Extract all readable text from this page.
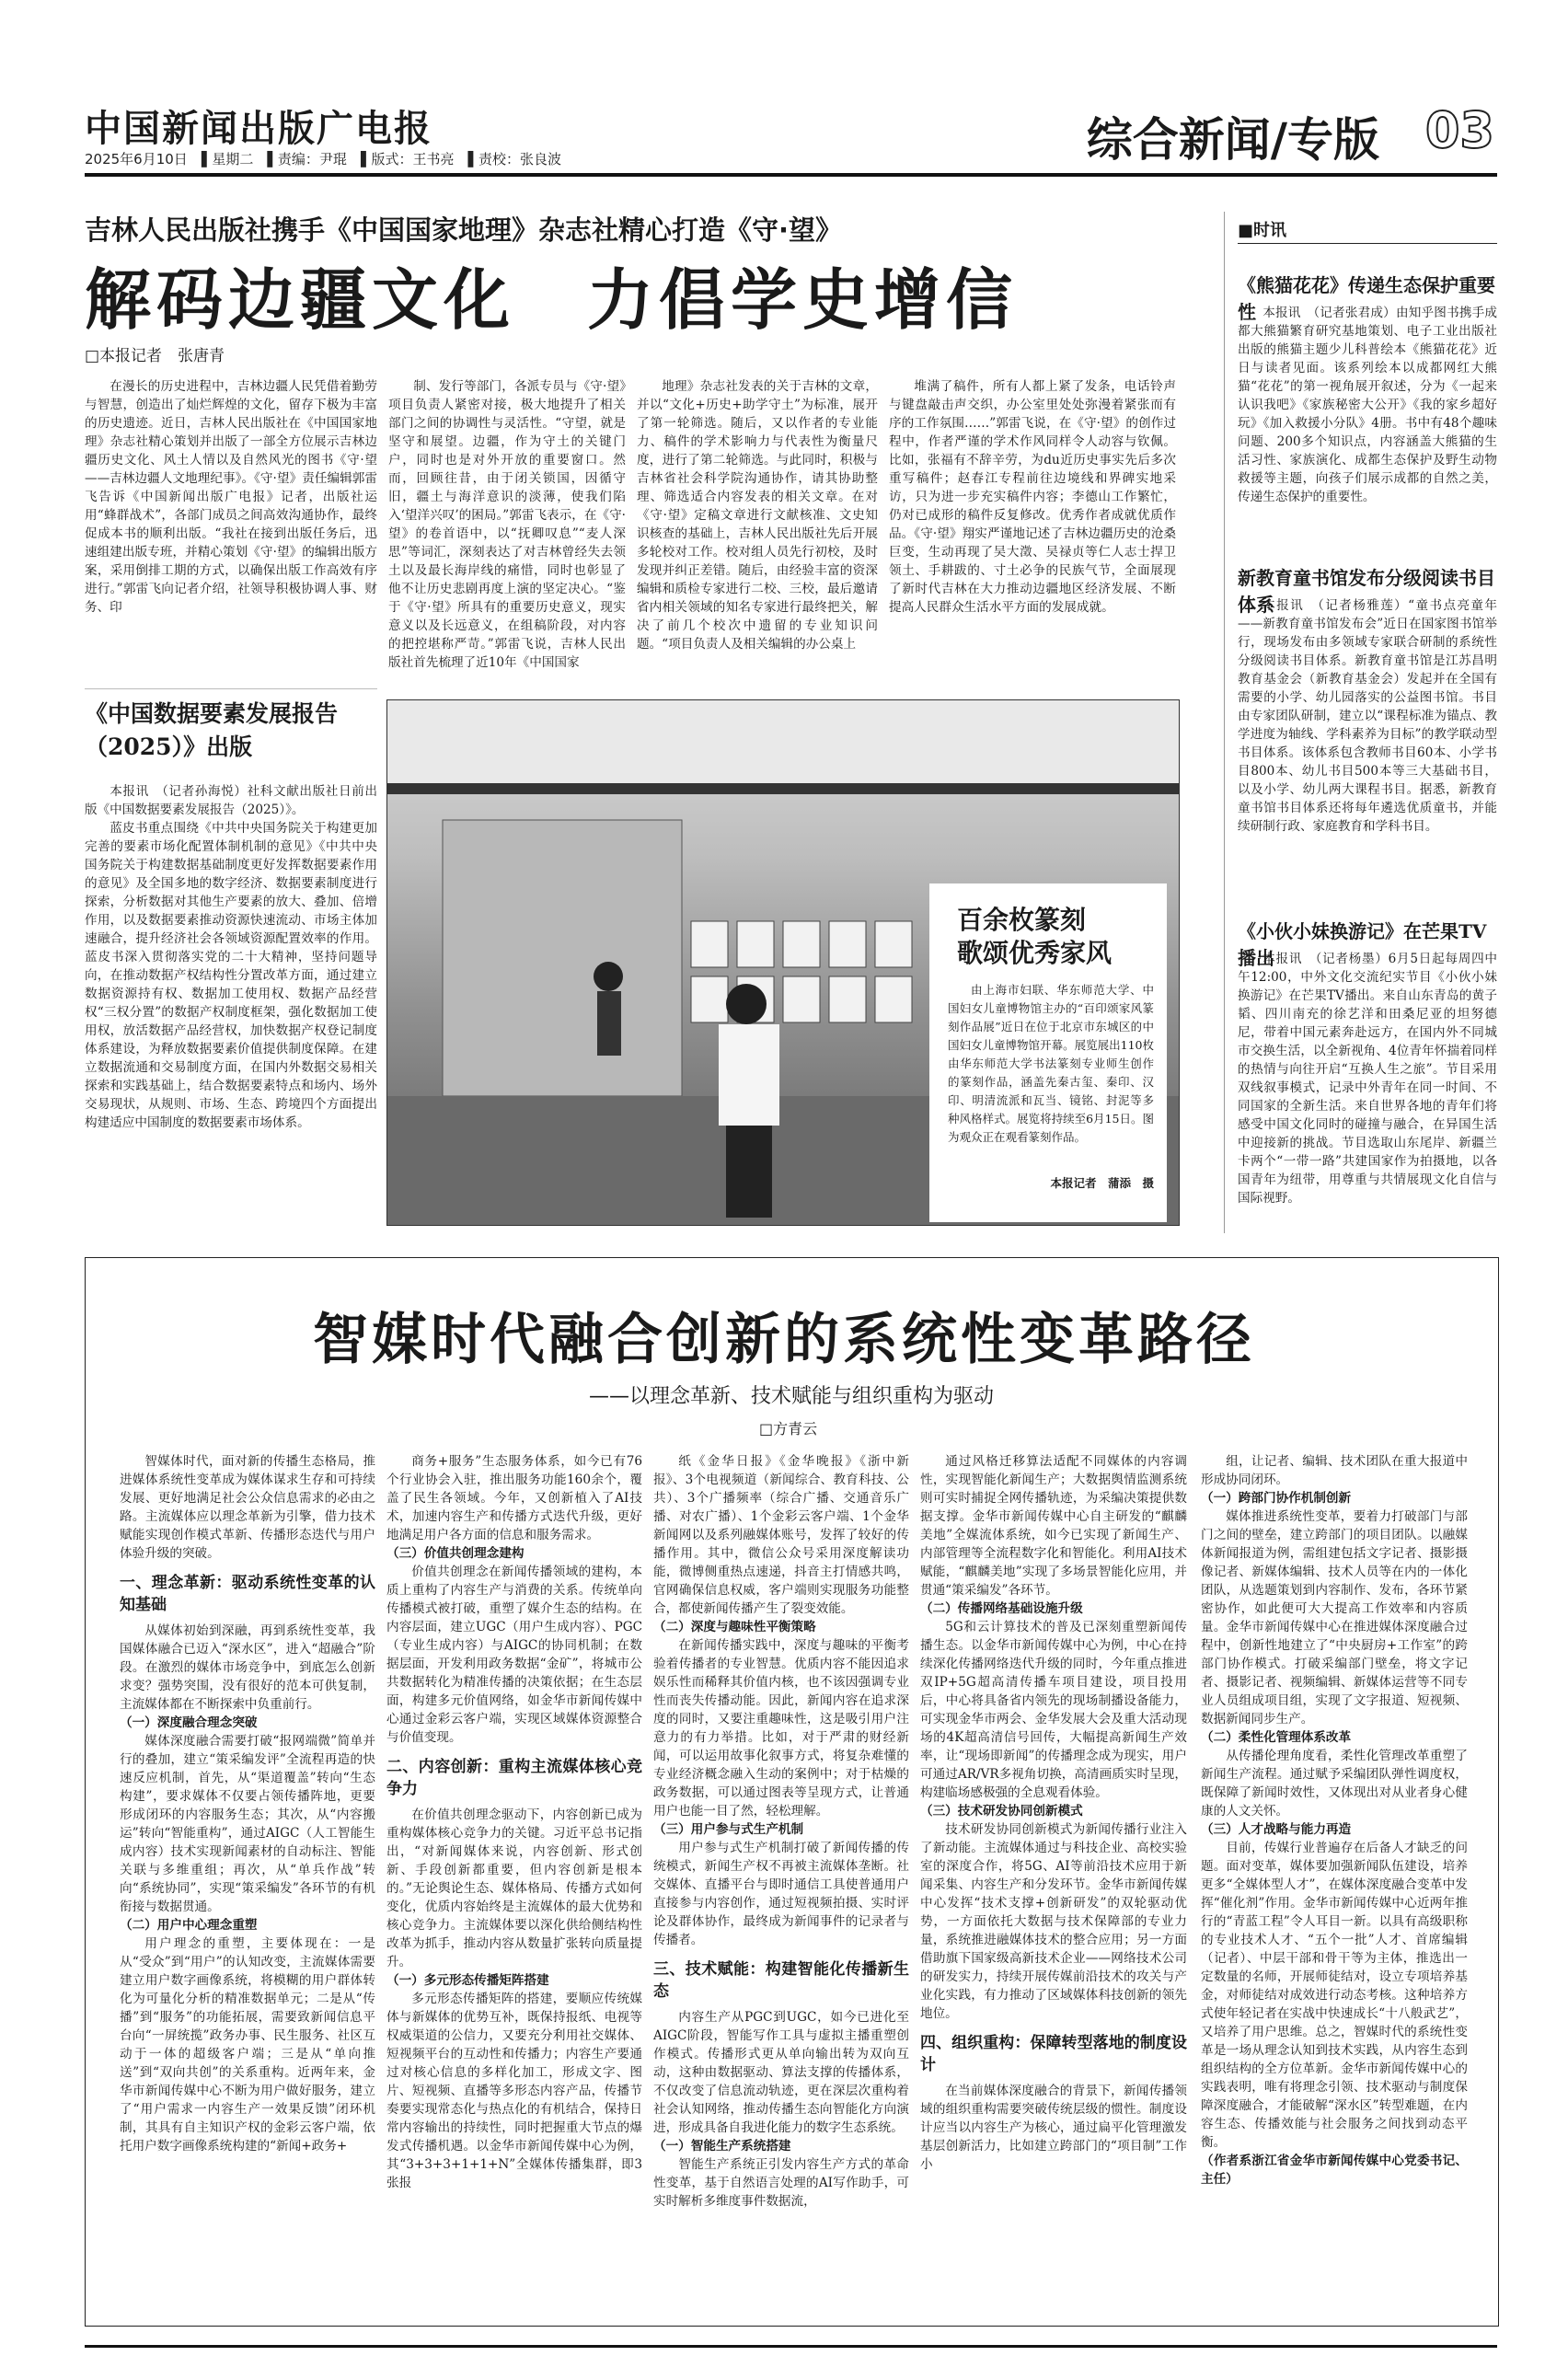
中国新闻出版广电报
2025年6月10日　▌星期二　▌责编：尹琨　▌版式：王书亮　▌责校：张良波	综合新闻/专版 03
吉林人民出版社携手《中国国家地理》杂志社精心打造《守·望》
解码边疆文化　力倡学史增信
□本报记者　张唐青

在漫长的历史进程中，吉林边疆人民凭借着勤劳与智慧，创造出了灿烂辉煌的文化，留存下极为丰富的历史遗迹。近日，吉林人民出版社在《中国国家地理》杂志社精心策划并出版了一部全方位展示吉林边疆历史文化、风土人情以及自然风光的图书《守·望——吉林边疆人文地理纪事》。《守·望》责任编辑郭雷飞告诉《中国新闻出版广电报》记者，出版社运用“蜂群战术”，各部门成员之间高效沟通协作，最终促成本书的顺利出版。“我社在接到出版任务后，迅速组建出版专班，并精心策划《守·望》的编辑出版方案，采用倒排工期的方式，以确保出版工作高效有序进行。”郭雷飞向记者介绍，社领导积极协调人事、财务、印

制、发行等部门，各派专员与《守·望》项目负责人紧密对接，极大地提升了相关部门之间的协调性与灵活性。“守望，就是坚守和展望。边疆，作为守土的关键门户，同时也是对外开放的重要窗口。然而，回顾往昔，由于闭关锁国，因循守旧，疆土与海洋意识的淡薄，使我们陷入‘望洋兴叹’的困局。”郭雷飞表示，在《守·望》的卷首语中，以“抚卿叹息”“麦人深思”等词汇，深刻表达了对吉林曾经失去领土以及最长海岸线的痛惜，同时也彰显了他不让历史悲剧再度上演的坚定决心。“鉴于《守·望》所具有的重要历史意义，现实意义以及长远意义，在组稿阶段，对内容的把控堪称严苛。”郭雷飞说，吉林人民出版社首先梳理了近10年《中国国家

地理》杂志社发表的关于吉林的文章，并以“文化+历史+助学守土”为标准，展开了第一轮筛选。随后，又以作者的专业能力、稿件的学术影响力与代表性为衡量尺度，进行了第二轮筛选。与此同时，积极与吉林省社会科学院沟通协作，请其协助整理、筛选适合内容发表的相关文章。在对《守·望》定稿文章进行文献核准、文史知识核查的基础上，吉林人民出版社先后开展多轮校对工作。校对组人员先行初校，及时发现并纠正差错。随后，由经验丰富的资深编辑和质检专家进行二校、三校，最后邀请省内相关领域的知名专家进行最终把关，解决了前几个校次中遗留的专业知识问题。“项目负责人及相关编辑的办公桌上

堆满了稿件，所有人都上紧了发条，电话铃声与键盘敲击声交织，办公室里处处弥漫着紧张而有序的工作氛围……”郭雷飞说，在《守·望》的创作过程中，作者严谨的学术作风同样令人动容与钦佩。比如，张福有不辞辛劳，为du近历史事实先后多次重写稿件；赵春江专程前往边境线和界碑实地采访，只为进一步充实稿件内容；李德山工作繁忙，仍对已成形的稿件反复修改。优秀作者成就优质作品。《守·望》翔实严谨地记述了吉林边疆历史的沧桑巨变，生动再现了吴大澂、吴禄贞等仁人志士捍卫领土、手耕跋的、寸土必争的民族气节，全面展现了新时代吉林在大力推动边疆地区经济发展、不断提高人民群众生活水平方面的发展成就。

《中国数据要素发展报告（2025）》出版

本报讯　（记者孙海悦）社科文献出版社日前出版《中国数据要素发展报告（2025）》。

蓝皮书重点围绕《中共中央国务院关于构建更加完善的要素市场化配置体制机制的意见》《中共中央国务院关于构建数据基础制度更好发挥数据要素作用的意见》及全国多地的数字经济、数据要素制度进行探索，分析数据对其他生产要素的放大、叠加、倍增作用，以及数据要素推动资源快速流动、市场主体加速融合，提升经济社会各领域资源配置效率的作用。蓝皮书深入贯彻落实党的二十大精神，坚持问题导向，在推动数据产权结构性分置改革方面，通过建立数据资源持有权、数据加工使用权、数据产品经营权“三权分置”的数据产权制度框架，强化数据加工使用权，放活数据产品经营权，加快数据产权登记制度体系建设，为释放数据要素价值提供制度保障。在建立数据流通和交易制度方面，在国内外数据交易相关探索和实践基础上，结合数据要素特点和场内、场外交易现状，从规则、市场、生态、跨境四个方面提出构建适应中国制度的数据要素市场体系。

百余枚篆刻
歌颂优秀家风

由上海市妇联、华东师范大学、中国妇女儿童博物馆主办的“百印颂家风篆刻作品展”近日在位于北京市东城区的中国妇女儿童博物馆开幕。展览展出110枚由华东师范大学书法篆刻专业师生创作的篆刻作品，涵盖先秦古玺、秦印、汉印、明清流派和瓦当、镜铭、封泥等多种风格样式。展览将持续至6月15日。图为观众正在观看篆刻作品。

本报记者　蒲添　摄
■时讯
《熊猫花花》传递生态保护重要性 本报讯　（记者张君成）由知乎图书携手成都大熊猫繁育研究基地策划、电子工业出版社出版的熊猫主题少儿科普绘本《熊猫花花》近日与读者见面。该系列绘本以成都网红大熊猫“花花”的第一视角展开叙述，分为《一起来认识我吧》《家族秘密大公开》《我的家乡超好玩》《加入救援小分队》4册。书中有48个趣味问题、200多个知识点，内容涵盖大熊猫的生活习性、家族演化、成都生态保护及野生动物救援等主题，向孩子们展示成都的自然之美，传递生态保护的重要性。

新教育童书馆发布分级阅读书目体系

本报讯　（记者杨雅莲）“童书点亮童年——新教育童书馆发布会”近日在国家图书馆举行，现场发布由多领域专家联合研制的系统性分级阅读书目体系。新教育童书馆是江苏昌明教育基金会（新教育基金会）发起并在全国有需要的小学、幼儿园落实的公益图书馆。书目由专家团队研制，建立以“课程标准为锚点、教学进度为轴线、学科素养为目标”的教学联动型书目体系。该体系包含教师书目60本、小学书目800本、幼儿书目500本等三大基础书目，以及小学、幼儿两大课程书目。据悉，新教育童书馆书目体系还将每年遴选优质童书，并能续研制行政、家庭教育和学科书目。

《小伙小妹换游记》在芒果TV播出

本报讯　（记者杨墨）6月5日起每周四中午12:00，中外文化交流纪实节目《小伙小妹换游记》在芒果TV播出。来自山东青岛的黄子韬、四川南充的徐艺洋和田桑尼亚的坦努德尼，带着中国元素奔赴远方，在国内外不同城市交换生活，以全新视角、4位青年怀揣着同样的热情与向往开启“互换人生之旅”。节目采用双线叙事模式，记录中外青年在同一时间、不同国家的全新生活。来自世界各地的青年们将感受中国文化同时的碰撞与融合，在异国生活中迎接新的挑战。节目选取山东尾岸、新疆兰卡两个“一带一路”共建国家作为拍摄地，以各国青年为纽带，用尊重与共情展现文化自信与国际视野。

智媒时代融合创新的系统性变革路径
——以理念革新、技术赋能与组织重构为驱动
□方青云

智媒体时代，面对新的传播生态格局，推进媒体系统性变革成为媒体谋求生存和可持续发展、更好地满足社会公众信息需求的必由之路。主流媒体应以理念革新为引擎，借力技术赋能实现创作模式革新、传播形态迭代与用户体验升级的突破。

一、理念革新：驱动系统性变革的认知基础

从媒体初始到深融，再到系统性变革，我国媒体融合已迈入“深水区”，进入“超融合”阶段。在激烈的媒体市场竞争中，到底怎么创新求变？强势突围，没有很好的范本可供复制，主流媒体都在不断探索中负重前行。

（一）深度融合理念突破

媒体深度融合需要打破“报网端微”简单并行的叠加，建立“策采编发评”全流程再造的快速反应机制，首先，从“渠道覆盖”转向“生态构建”，要求媒体不仅要占领传播阵地，更要形成闭环的内容服务生态；其次，从“内容搬运”转向“智能重构”，通过AIGC（人工智能生成内容）技术实现新闻素材的自动标注、智能关联与多维重组；再次，从“单兵作战”转向“系统协同”，实现“策采编发”各环节的有机衔接与数据贯通。

（二）用户中心理念重塑

用户理念的重塑，主要体现在：一是从“受众”到“用户”的认知改变，主流媒体需要建立用户数字画像系统，将模糊的用户群体转化为可量化分析的精准数据单元；二是从“传播”到“服务”的功能拓展，需要致新闻信息平台向“一屏统揽”政务办事、民生服务、社区互动于一体的超级客户端；三是从“单向推送”到“双向共创”的关系重构。近两年来，金华市新闻传媒中心不断为用户做好服务，建立了“用户需求一内容生产一效果反馈”闭环机制，其具有自主知识产权的金彩云客户端，依托用户数字画像系统构建的“新闻+政务+

商务+服务”生态服务体系，如今已有76个行业协会入驻，推出服务功能160余个，覆盖了民生各领域。今年，又创新植入了AI技术，加速内容生产和传播方式迭代升级，更好地满足用户各方面的信息和服务需求。

（三）价值共创理念建构

价值共创理念在新闻传播领域的建构，本质上重构了内容生产与消费的关系。传统单向传播模式被打破，重塑了媒介生态的结构。在内容层面，建立UGC（用户生成内容）、PGC（专业生成内容）与AIGC的协同机制；在数据层面，开发利用政务数据“金矿”，将城市公共数据转化为精准传播的决策依据；在生态层面，构建多元价值网络，如金华市新闻传媒中心通过金彩云客户端，实现区域媒体资源整合与价值变现。

二、内容创新：重构主流媒体核心竞争力

在价值共创理念驱动下，内容创新已成为重构媒体核心竞争力的关键。习近平总书记指出，“对新闻媒体来说，内容创新、形式创新、手段创新都重要，但内容创新是根本的。”无论舆论生态、媒体格局、传播方式如何变化，优质内容始终是主流媒体的最大优势和核心竞争力。主流媒体要以深化供给侧结构性改革为抓手，推动内容从数量扩张转向质量提升。

（一）多元形态传播矩阵搭建

多元形态传播矩阵的搭建，要顺应传统媒体与新媒体的优势互补，既保持报纸、电视等权威渠道的公信力，又要充分利用社交媒体、短视频平台的互动性和传播力；内容生产要通过对核心信息的多样化加工，形成文字、图片、短视频、直播等多形态内容产品，传播节奏要实现常态化与热点化的有机结合，保持日常内容输出的持续性，同时把握重大节点的爆发式传播机遇。以金华市新闻传媒中心为例，其“3+3+3+1+1+N”全媒体传播集群，即3张报

纸《金华日报》《金华晚报》《浙中新报》、3个电视频道（新闻综合、教育科技、公共）、3个广播频率（综合广播、交通音乐广播、对农广播）、1个金彩云客户端、1个金华新闻网以及系列融媒体账号，发挥了较好的传播作用。其中，微信公众号采用深度解读功能，微博侧重热点速递，抖音主打情感共鸣，官网确保信息权威，客户端则实现服务功能整合，都使新闻传播产生了裂变效能。

（二）深度与趣味性平衡策略

在新闻传播实践中，深度与趣味的平衡考验着传播者的专业智慧。优质内容不能因追求娱乐性而稀释其价值内核，也不该因强调专业性而丧失传播动能。因此，新闻内容在追求深度的同时，又要注重趣味性，这是吸引用户注意力的有力举措。比如，对于严肃的财经新闻，可以运用故事化叙事方式，将复杂难懂的专业经济概念融入生动的案例中；对于枯燥的政务数据，可以通过图表等呈现方式，让普通用户也能一目了然，轻松理解。

（三）用户参与式生产机制

用户参与式生产机制打破了新闻传播的传统模式，新闻生产权不再被主流媒体垄断。社交媒体、直播平台与即时通信工具使普通用户直接参与内容创作，通过短视频拍摄、实时评论及群体协作，最终成为新闻事件的记录者与传播者。

三、技术赋能：构建智能化传播新生态

内容生产从PGC到UGC，如今已进化至AIGC阶段，智能写作工具与虚拟主播重塑创作模式。传播形式更从单向输出转为双向互动，这种由数据驱动、算法支撑的传播体系，不仅改变了信息流动轨迹，更在深层次重构着社会认知网络，推动传播生态向智能化方向演进，形成具备自我进化能力的数字生态系统。

（一）智能生产系统搭建

智能生产系统正引发内容生产方式的革命性变革，基于自然语言处理的AI写作助手，可实时解析多维度事件数据流，

通过风格迁移算法适配不同媒体的内容调性，实现智能化新闻生产；大数据舆情监测系统则可实时捕捉全网传播轨迹，为采编决策提供数据支撑。金华市新闻传媒中心自主研发的“麒麟美地”全媒流体系统，如今已实现了新闻生产、内部管理等全流程数字化和智能化。利用AI技术赋能，“麒麟美地”实现了多场景智能化应用，并贯通“策采编发”各环节。

（二）传播网络基础设施升级

5G和云计算技术的普及已深刻重塑新闻传播生态。以金华市新闻传媒中心为例，中心在持续深化传播网络迭代升级的同时，今年重点推进双IP+5G超高清传播车项目建设，项目投用后，中心将具备省内领先的现场制播设备能力，可实现金华市两会、金华发展大会及重大活动现场的4K超高清信号回传，大幅提高新闻生产效率，让“现场即新闻”的传播理念成为现实，用户可通过AR/VR多视角切换，高清画质实时呈现，构建临场感极强的全息观看体验。

（三）技术研发协同创新模式

技术研发协同创新模式为新闻传播行业注入了新动能。主流媒体通过与科技企业、高校实验室的深度合作，将5G、AI等前沿技术应用于新闻采集、内容生产和分发环节。金华市新闻传媒中心发挥“技术支撑+创新研发”的双轮驱动优势，一方面依托大数据与技术保障部的专业力量，系统推进融媒体技术的整合应用；另一方面借助旗下国家级高新技术企业——网络技术公司的研发实力，持续开展传媒前沿技术的攻关与产业化实践，有力推动了区域媒体科技创新的领先地位。

四、组织重构：保障转型落地的制度设计

在当前媒体深度融合的背景下，新闻传播领域的组织重构需要突破传统层级的惯性。制度设计应当以内容生产为核心，通过扁平化管理激发基层创新活力，比如建立跨部门的“项目制”工作小

组，让记者、编辑、技术团队在重大报道中形成协同闭环。

（一）跨部门协作机制创新

媒体推进系统性变革，要着力打破部门与部门之间的壁垒，建立跨部门的项目团队。以融媒体新闻报道为例，需组建包括文字记者、摄影摄像记者、新媒体编辑、技术人员等在内的一体化团队，从选题策划到内容制作、发布，各环节紧密协作，如此便可大大提高工作效率和内容质量。金华市新闻传媒中心在推进媒体深度融合过程中，创新性地建立了“中央厨房+工作室”的跨部门协作模式。打破采编部门壁垒，将文字记者、摄影记者、视频编辑、新媒体运营等不同专业人员组成项目组，实现了文字报道、短视频、数据新闻同步生产。

（二）柔性化管理体系改革

从传播伦理角度看，柔性化管理改革重塑了新闻生产流程。通过赋予采编团队弹性调度权，既保障了新闻时效性，又体现出对从业者身心健康的人文关怀。

（三）人才战略与能力再造

目前，传媒行业普遍存在后备人才缺乏的问题。面对变革，媒体要加强新闻队伍建设，培养更多“全媒体型人才”，在媒体深度融合变革中发挥“催化剂”作用。金华市新闻传媒中心近两年推行的“青蓝工程”令人耳目一新。以具有高级职称的专业技术人才、“五个一批”人才、首席编辑（记者）、中层干部和骨干等为主体，推选出一定数量的名师，开展师徒结对，设立专项培养基金，对师徒结对成效进行动态考核。这种培养方式使年轻记者在实战中快速成长“十八般武艺”，又培养了用户思维。总之，智媒时代的系统性变革是一场从理念认知到技术实践，从内容生态到组织结构的全方位革新。金华市新闻传媒中心的实践表明，唯有将理念引领、技术驱动与制度保障深度融合，才能破解“深水区”转型难题，在内容生态、传播效能与社会服务之间找到动态平衡。

（作者系浙江省金华市新闻传媒中心党委书记、主任）
